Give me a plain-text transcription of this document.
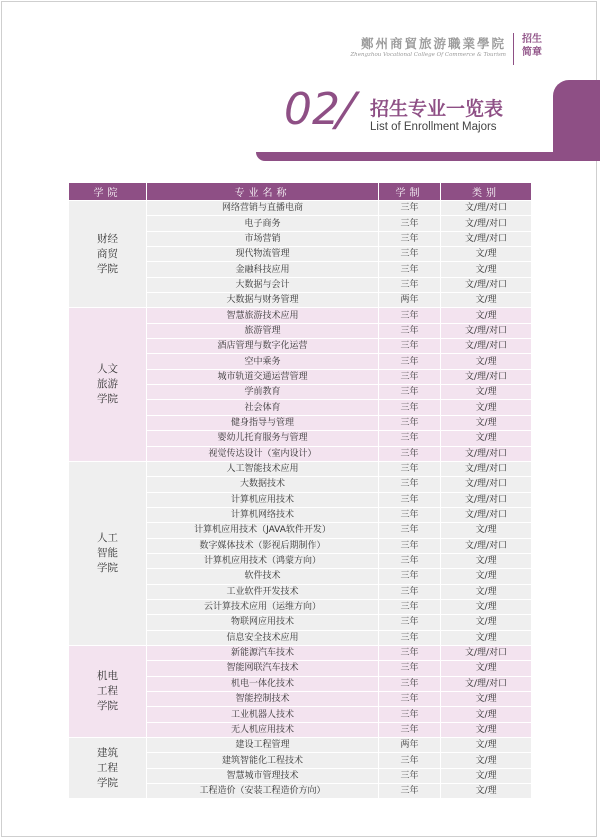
鄭州商貿旅游職業學院
Zhengzhou Vocational College Of Commerce & Tourism
招生简章
02
/ 招生专业一览表
List of Enrollment Majors
学院	专业名称	学制	类别
财经商贸学院	网络营销与直播电商	三年	文/理/对口
	电子商务	三年	文/理/对口
	市场营销	三年	文/理/对口
	现代物流管理	三年	文/理
	金融科技应用	三年	文/理
	大数据与会计	三年	文/理/对口
	大数据与财务管理	两年	文/理
人文旅游学院	智慧旅游技术应用	三年	文/理
	旅游管理	三年	文/理/对口
	酒店管理与数字化运营	三年	文/理/对口
	空中乘务	三年	文/理
	城市轨道交通运营管理	三年	文/理/对口
	学前教育	三年	文/理
	社会体育	三年	文/理
	健身指导与管理	三年	文/理
	婴幼儿托育服务与管理	三年	文/理
	视觉传达设计（室内设计）	三年	文/理/对口
人工智能学院	人工智能技术应用	三年	文/理/对口
	大数据技术	三年	文/理/对口
	计算机应用技术	三年	文/理/对口
	计算机网络技术	三年	文/理/对口
	计算机应用技术（JAVA软件开发）	三年	文/理
	数字媒体技术（影视后期制作）	三年	文/理/对口
	计算机应用技术（鸿蒙方向）	三年	文/理
	软件技术	三年	文/理
	工业软件开发技术	三年	文/理
	云计算技术应用（运维方向）	三年	文/理
	物联网应用技术	三年	文/理
	信息安全技术应用	三年	文/理
机电工程学院	新能源汽车技术	三年	文/理/对口
	智能网联汽车技术	三年	文/理
	机电一体化技术	三年	文/理/对口
	智能控制技术	三年	文/理
	工业机器人技术	三年	文/理
	无人机应用技术	三年	文/理
建筑工程学院	建设工程管理	两年	文/理
	建筑智能化工程技术	三年	文/理
	智慧城市管理技术	三年	文/理
	工程造价（安装工程造价方向）	三年	文/理
